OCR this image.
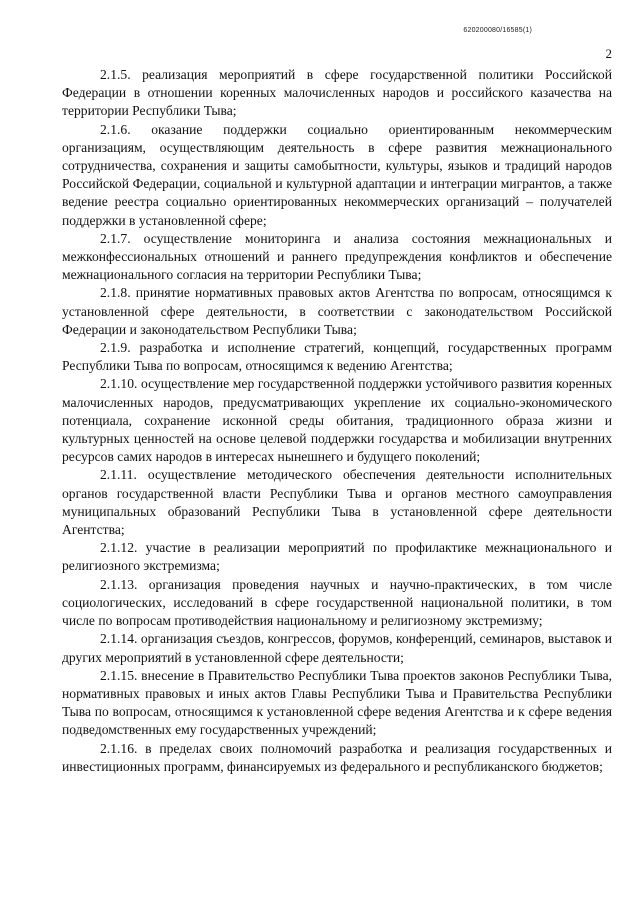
620200080/16585(1)
2

2.1.5. реализация мероприятий в сфере государственной политики Российской Федерации в отношении коренных малочисленных народов и российского казачества на территории Республики Тыва;

2.1.6. оказание поддержки социально ориентированным некоммерческим организациям, осуществляющим деятельность в сфере развития межнационального сотрудничества, сохранения и защиты самобытности, культуры, языков и традиций народов Российской Федерации, социальной и культурной адаптации и интеграции мигрантов, а также ведение реестра социально ориентированных некоммерческих организаций – получателей поддержки в установленной сфере;

2.1.7. осуществление мониторинга и анализа состояния межнациональных и межконфессиональных отношений и раннего предупреждения конфликтов и обеспечение межнационального согласия на территории Республики Тыва;

2.1.8. принятие нормативных правовых актов Агентства по вопросам, относящимся к установленной сфере деятельности, в соответствии с законодательством Российской Федерации и законодательством Республики Тыва;

2.1.9. разработка и исполнение стратегий, концепций, государственных программ Республики Тыва по вопросам, относящимся к ведению Агентства;

2.1.10. осуществление мер государственной поддержки устойчивого развития коренных малочисленных народов, предусматривающих укрепление их социально-экономического потенциала, сохранение исконной среды обитания, традиционного образа жизни и культурных ценностей на основе целевой поддержки государства и мобилизации внутренних ресурсов самих народов в интересах нынешнего и будущего поколений;

2.1.11. осуществление методического обеспечения деятельности исполнительных органов государственной власти Республики Тыва и органов местного самоуправления муниципальных образований Республики Тыва в установленной сфере деятельности Агентства;

2.1.12. участие в реализации мероприятий по профилактике межнационального и религиозного экстремизма;

2.1.13. организация проведения научных и научно-практических, в том числе социологических, исследований в сфере государственной национальной политики, в том числе по вопросам противодействия национальному и религиозному экстремизму;

2.1.14. организация съездов, конгрессов, форумов, конференций, семинаров, выставок и других мероприятий в установленной сфере деятельности;

2.1.15. внесение в Правительство Республики Тыва проектов законов Республики Тыва, нормативных правовых и иных актов Главы Республики Тыва и Правительства Республики Тыва по вопросам, относящимся к установленной сфере ведения Агентства и к сфере ведения подведомственных ему государственных учреждений;

2.1.16. в пределах своих полномочий разработка и реализация государственных и инвестиционных программ, финансируемых из федерального и республиканского бюджетов;
